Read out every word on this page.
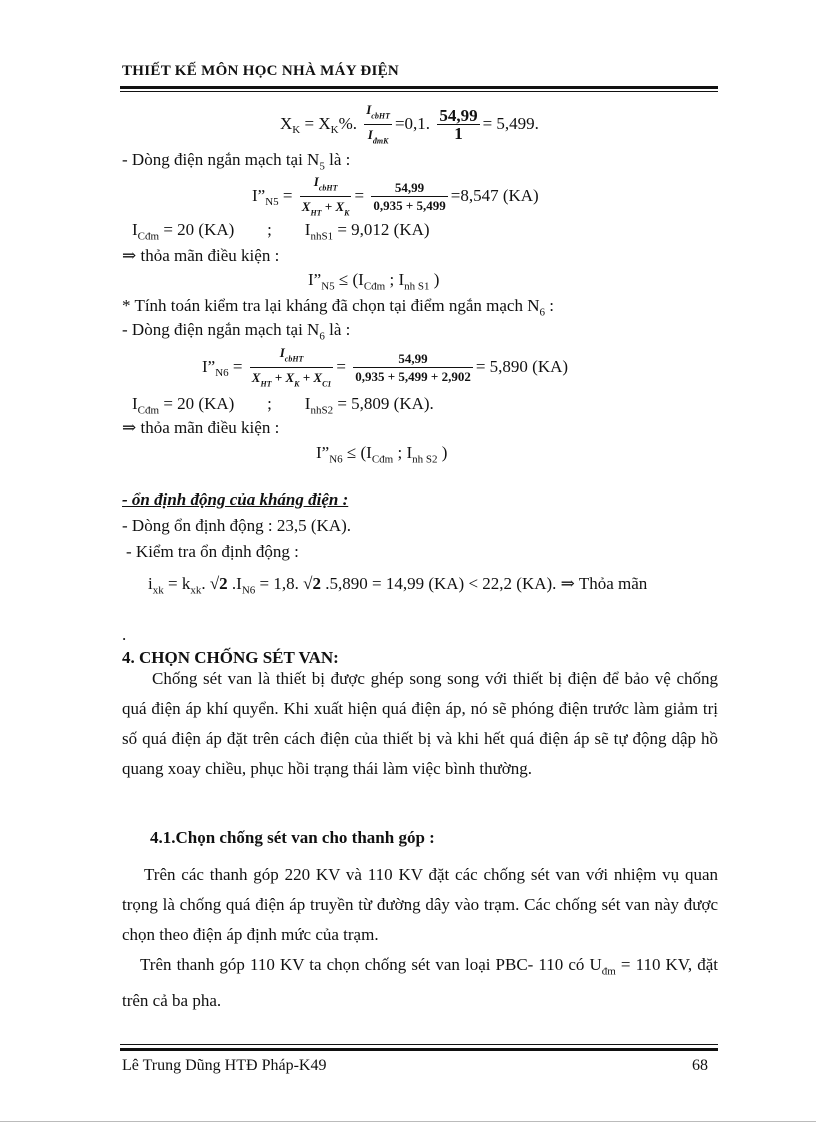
THIẾT KẾ MÔN HỌC NHÀ MÁY ĐIỆN
$X_K = X_K\%$. $\frac{I_{cbHT}}{I_{đmK}} =0,1$. $\frac{54,99}{1} = 5,499$.
- Dòng điện ngắn mạch tại $N_5$ là :
$I”_{N5} = \frac{I_{cbHT}}{X_{HT} + X_K} = \frac{54,99}{0,935 + 5,499} =8,547$ (KA)
$I_{Cđm} = 20$ (KA) ; $I_{nhS1} = 9,012$ (KA)
⇒ thỏa mãn điều kiện :
$I”_{N5} \le (I_{Cđm}$ ; $I_{nh S1}$ )
* Tính toán kiểm tra lại kháng đã chọn tại điểm ngắn mạch $N_6$ :
- Dòng điện ngắn mạch tại $N_6$ là :
$I”_{N6} = \frac{I_{cbHT}}{X_{HT} + X_K + X_{C1}} = \frac{54,99}{0,935 + 5,499 + 2,902} = 5,890$ (KA)
$I_{Cđm} = 20$ (KA) ; $I_{nhS2} = 5,809$ (KA).
⇒ thỏa mãn điều kiện :
$I”_{N6} \le (I_{Cđm}$ ; $I_{nh S2}$ )
- ổn định động của kháng điện :
- Dòng ổn định động : 23,5 (KA).
- Kiểm tra ổn định động :
$i_{xk} = k_{xk}$. √2 $.I_{N6} = 1,8$. √2 .5,890 = 14,99 (KA) < 22,2 (KA). ⇒ Thỏa mãn
.
4. CHỌN CHỐNG SÉT VAN:
Chống sét van là thiết bị được ghép song song với thiết bị điện để bảo vệ chống quá điện áp khí quyển. Khi xuất hiện quá điện áp, nó sẽ phóng điện trước làm giảm trị số quá điện áp đặt trên cách điện của thiết bị và khi hết quá điện áp sẽ tự động dập hồ quang xoay chiều, phục hồi trạng thái làm việc bình thường.
4.1.Chọn chống sét van cho thanh góp :
Trên các thanh góp 220 KV và 110 KV đặt các chống sét van với nhiệm vụ quan trọng là chống quá điện áp truyền từ đường dây vào trạm. Các chống sét van này được chọn theo điện áp định mức của trạm.
Trên thanh góp 110 KV ta chọn chống sét van loại PBC- 110 có $U_{đm} = 110$ KV, đặt trên cả ba pha.
Lê Trung Dũng HTĐ Pháp-K49	68
